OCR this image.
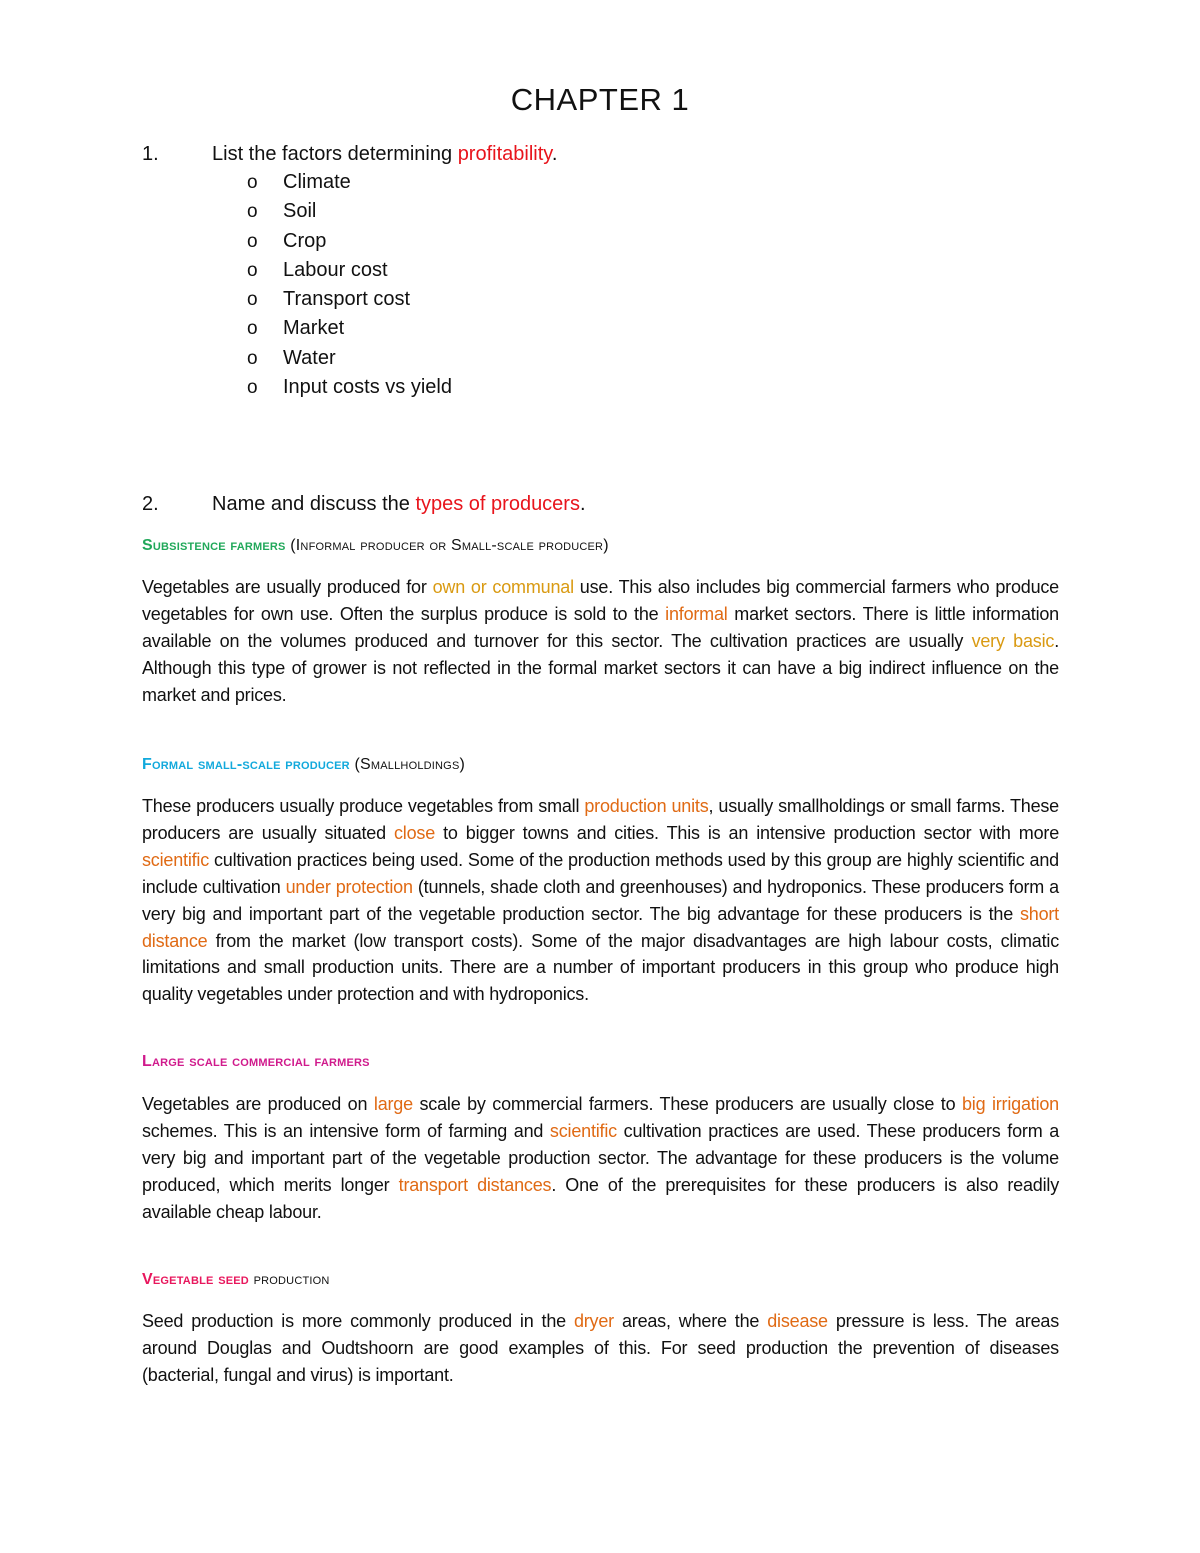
CHAPTER 1
1.	List the factors determining profitability.
o Climate
o Soil
o Crop
o Labour cost
o Transport cost
o Market
o Water
o Input costs vs yield
2.	Name and discuss the types of producers.
Subsistence farmers (Informal producer or Small-scale producer)

Vegetables are usually produced for own or communal use. This also includes big commercial farmers who produce vegetables for own use. Often the surplus produce is sold to the informal market sectors. There is little information available on the volumes produced and turnover for this sector. The cultivation practices are usually very basic. Although this type of grower is not reflected in the formal market sectors it can have a big indirect influence on the market and prices.

Formal small-scale producer (Smallholdings)

These producers usually produce vegetables from small production units, usually smallholdings or small farms. These producers are usually situated close to bigger towns and cities. This is an intensive production sector with more scientific cultivation practices being used. Some of the production methods used by this group are highly scientific and include cultivation under protection (tunnels, shade cloth and greenhouses) and hydroponics. These producers form a very big and important part of the vegetable production sector. The big advantage for these producers is the short distance from the market (low transport costs). Some of the major disadvantages are high labour costs, climatic limitations and small production units. There are a number of important producers in this group who produce high quality vegetables under protection and with hydroponics.

Large scale commercial farmers

Vegetables are produced on large scale by commercial farmers. These producers are usually close to big irrigation schemes. This is an intensive form of farming and scientific cultivation practices are used. These producers form a very big and important part of the vegetable production sector. The advantage for these producers is the volume produced, which merits longer transport distances. One of the prerequisites for these producers is also readily available cheap labour.

Vegetable seed production

Seed production is more commonly produced in the dryer areas, where the disease pressure is less. The areas around Douglas and Oudtshoorn are good examples of this. For seed production the prevention of diseases (bacterial, fungal and virus) is important.
